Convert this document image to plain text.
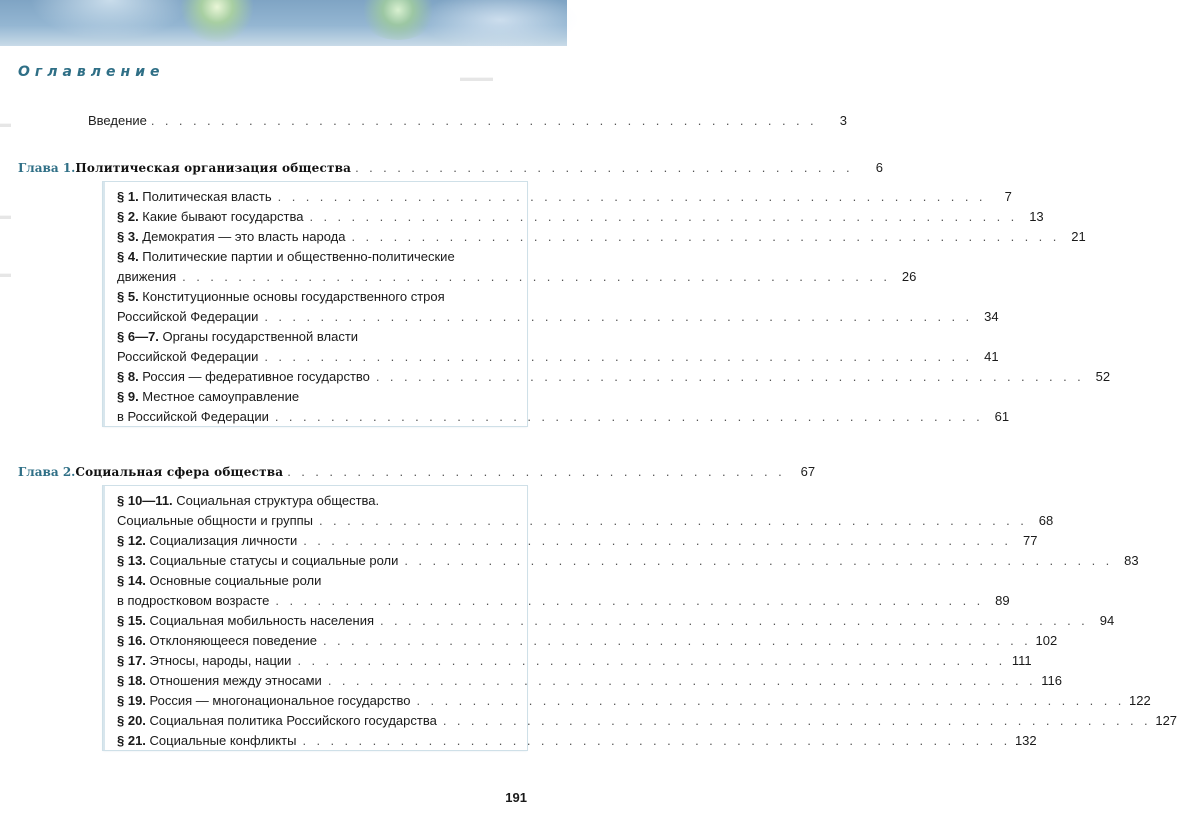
▬▬▬
▬
▬
▬
Оглавление
Введение . . . . . . . . . . . . . . . . . . . . . . . . . . . . . . . . . . . . . . . . . . . . . . . .	3
Глава 1. Политическая организация общества . . . . . . . . . . . . . . . . . . . . . . . . . . . . . . . . . . . .	6
§ 1. Политическая власть . . . . . . . . . . . . . . . . . . . . . . . . . . . . . . . . . . . . . . . . . . . . . . . . . . .	7
§ 2. Какие бывают государства . . . . . . . . . . . . . . . . . . . . . . . . . . . . . . . . . . . . . . . . . . . . . . . . . . . 13
§ 3. Демократия — это власть народа . . . . . . . . . . . . . . . . . . . . . . . . . . . . . . . . . . . . . . . . . . . . . . . . . . . 21
§ 4. Политические партии и общественно-политические
движения . . . . . . . . . . . . . . . . . . . . . . . . . . . . . . . . . . . . . . . . . . . . . . . . . . . 26
§ 5. Конституционные основы государственного строя
Российской Федерации . . . . . . . . . . . . . . . . . . . . . . . . . . . . . . . . . . . . . . . . . . . . . . . . . . . 34
§ 6—7. Органы государственной власти
Российской Федерации . . . . . . . . . . . . . . . . . . . . . . . . . . . . . . . . . . . . . . . . . . . . . . . . . . . 41
§ 8. Россия — федеративное государство . . . . . . . . . . . . . . . . . . . . . . . . . . . . . . . . . . . . . . . . . . . . . . . . . . . 52
§ 9. Местное самоуправление
в Российской Федерации . . . . . . . . . . . . . . . . . . . . . . . . . . . . . . . . . . . . . . . . . . . . . . . . . . . 61
Глава 2. Социальная сфера общества . . . . . . . . . . . . . . . . . . . . . . . . . . . . . . . . . . . .	67
§ 10—11. Социальная структура общества.
Социальные общности и группы . . . . . . . . . . . . . . . . . . . . . . . . . . . . . . . . . . . . . . . . . . . . . . . . . . . 68
§ 12. Социализация личности . . . . . . . . . . . . . . . . . . . . . . . . . . . . . . . . . . . . . . . . . . . . . . . . . . . 77
§ 13. Социальные статусы и социальные роли . . . . . . . . . . . . . . . . . . . . . . . . . . . . . . . . . . . . . . . . . . . . . . . . . . . 83
§ 14. Основные социальные роли
в подростковом возрасте . . . . . . . . . . . . . . . . . . . . . . . . . . . . . . . . . . . . . . . . . . . . . . . . . . . 89
§ 15. Социальная мобильность населения . . . . . . . . . . . . . . . . . . . . . . . . . . . . . . . . . . . . . . . . . . . . . . . . . . . 94
§ 16. Отклоняющееся поведение . . . . . . . . . . . . . . . . . . . . . . . . . . . . . . . . . . . . . . . . . . . . . . . . . . . 102
§ 17. Этносы, народы, нации . . . . . . . . . . . . . . . . . . . . . . . . . . . . . . . . . . . . . . . . . . . . . . . . . . . 111
§ 18. Отношения между этносами . . . . . . . . . . . . . . . . . . . . . . . . . . . . . . . . . . . . . . . . . . . . . . . . . . . 116
§ 19. Россия — многонациональное государство . . . . . . . . . . . . . . . . . . . . . . . . . . . . . . . . . . . . . . . . . . . . . . . . . . . 122
§ 20. Социальная политика Российского государства . . . . . . . . . . . . . . . . . . . . . . . . . . . . . . . . . . . . . . . . . . . . . . . . . . . 127
§ 21. Социальные конфликты . . . . . . . . . . . . . . . . . . . . . . . . . . . . . . . . . . . . . . . . . . . . . . . . . . . 132
191
